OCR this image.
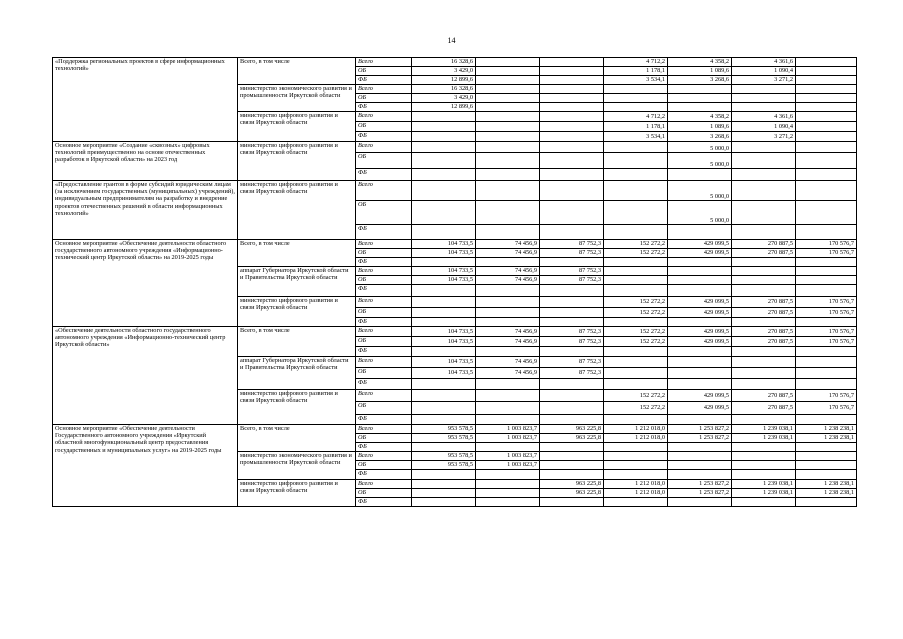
14
«Поддержка региональных проектов в сфере информационных технологий»	Всего, в том числе	Всего	16 328,6			4 712,2	4 358,2	4 361,6	
		ОБ	3 429,0			1 178,1	1 089,6	1 090,4	
		ФБ	12 899,6			3 534,1	3 268,6	3 271,2	
	министерство экономического развития и промышленности Иркутской области	Всего	16 328,6						
		ОБ	3 429,0						
		ФБ	12 899,6						
	министерство цифрового развития и связи Иркутской области	Всего				4 712,2	4 358,2	4 361,6	
		ОБ				1 178,1	1 089,6	1 090,4	
		ФБ				3 534,1	3 268,6	3 271,2	
Основное мероприятие «Создание «сквозных» цифровых технологий преимущественно на основе отечественных разработок в Иркутской области» на 2023 год	министерство цифрового развития и связи Иркутской области	Всего					5 000,0		
		ОБ					5 000,0		
		ФБ							
«Предоставление грантов в форме субсидий юридическим лицам (за исключением государственных (муниципальных) учреждений), индивидуальным предпринимателям на разработку и внедрение проектов отечественных решений в области информационных технологий»	министерство цифрового развития и связи Иркутской области	Всего					5 000,0		
		ОБ					5 000,0		
		ФБ							
Основное мероприятие «Обеспечение деятельности областного государственного автономного учреждения «Информационно-технический центр Иркутской области» на 2019-2025 годы	Всего, в том числе	Всего	104 733,5	74 456,9	87 752,3	152 272,2	429 099,5	270 887,5	170 576,7
		ОБ	104 733,5	74 456,9	87 752,3	152 272,2	429 099,5	270 887,5	170 576,7
		ФБ							
	аппарат Губернатора Иркутской области и Правительства Иркутской области	Всего	104 733,5	74 456,9	87 752,3				
		ОБ	104 733,5	74 456,9	87 752,3				
		ФБ							
	министерство цифрового развития и связи Иркутской области	Всего				152 272,2	429 099,5	270 887,5	170 576,7
		ОБ				152 272,2	429 099,5	270 887,5	170 576,7
		ФБ							
«Обеспечение деятельности областного государственного автономного учреждения «Информационно-технический центр Иркутской области»	Всего, в том числе	Всего	104 733,5	74 456,9	87 752,3	152 272,2	429 099,5	270 887,5	170 576,7
		ОБ	104 733,5	74 456,9	87 752,3	152 272,2	429 099,5	270 887,5	170 576,7
		ФБ							
	аппарат Губернатора Иркутской области и Правительства Иркутской области	Всего	104 733,5	74 456,9	87 752,3				
		ОБ	104 733,5	74 456,9	87 752,3				
		ФБ							
	министерство цифрового развития и связи Иркутской области	Всего				152 272,2	429 099,5	270 887,5	170 576,7
		ОБ				152 272,2	429 099,5	270 887,5	170 576,7
		ФБ							
Основное мероприятие «Обеспечение деятельности Государственного автономного учреждения «Иркутский областной многофункциональный центр предоставления государственных и муниципальных услуг» на 2019-2025 годы	Всего, в том числе	Всего	953 578,5	1 003 823,7	963 225,8	1 212 018,0	1 253 827,2	1 239 038,1	1 238 238,1
		ОБ	953 578,5	1 003 823,7	963 225,8	1 212 018,0	1 253 827,2	1 239 038,1	1 238 238,1
		ФБ							
	министерство экономического развития и промышленности Иркутской области	Всего	953 578,5	1 003 823,7					
		ОБ	953 578,5	1 003 823,7					
		ФБ							
	министерство цифрового развития и связи Иркутской области	Всего			963 225,8	1 212 018,0	1 253 827,2	1 239 038,1	1 238 238,1
		ОБ			963 225,8	1 212 018,0	1 253 827,2	1 239 038,1	1 238 238,1
		ФБ							
